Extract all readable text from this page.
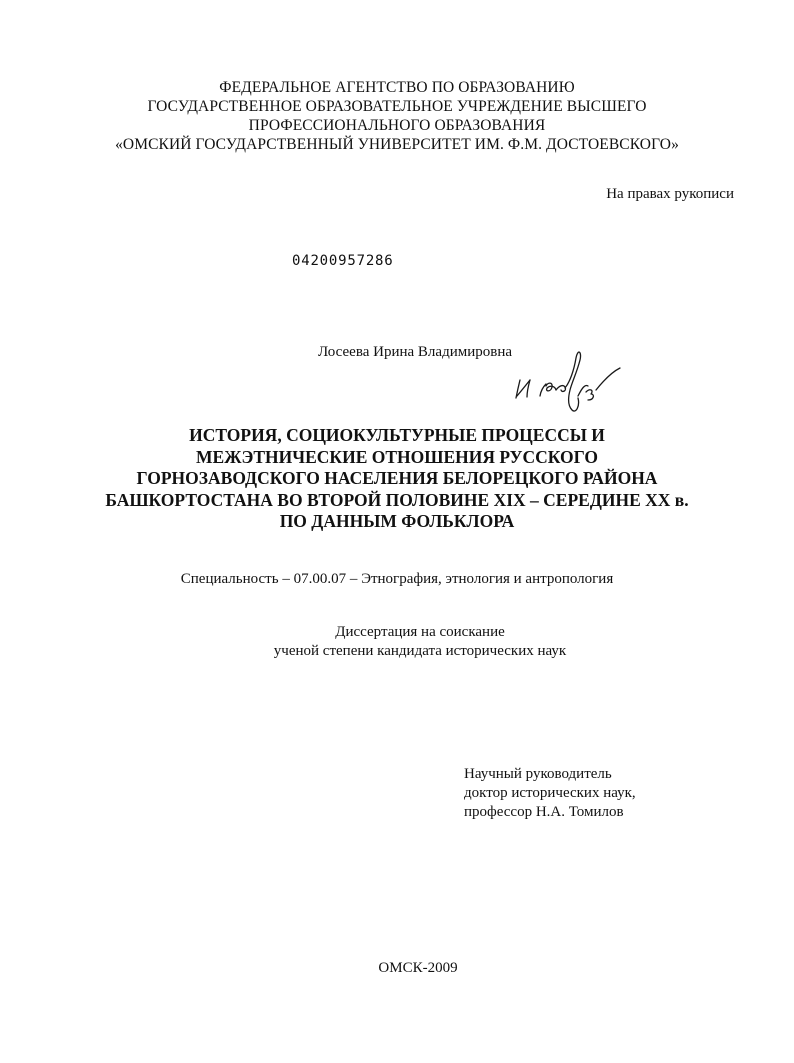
ФЕДЕРАЛЬНОЕ АГЕНТСТВО ПО ОБРАЗОВАНИЮ
ГОСУДАРСТВЕННОЕ ОБРАЗОВАТЕЛЬНОЕ УЧРЕЖДЕНИЕ ВЫСШЕГО
ПРОФЕССИОНАЛЬНОГО ОБРАЗОВАНИЯ
«ОМСКИЙ ГОСУДАРСТВЕННЫЙ УНИВЕРСИТЕТ ИМ. Ф.М. ДОСТОЕВСКОГО»
На правах рукописи
04200957286
Лосеева Ирина Владимировна
ИСТОРИЯ, СОЦИОКУЛЬТУРНЫЕ ПРОЦЕССЫ И
МЕЖЭТНИЧЕСКИЕ ОТНОШЕНИЯ РУССКОГО
ГОРНОЗАВОДСКОГО НАСЕЛЕНИЯ БЕЛОРЕЦКОГО РАЙОНА
БАШКОРТОСТАНА ВО ВТОРОЙ ПОЛОВИНЕ XIX – СЕРЕДИНЕ XX в.
ПО ДАННЫМ ФОЛЬКЛОРА
Специальность – 07.00.07 – Этнография, этнология и антропология
Диссертация на соискание
ученой степени кандидата исторических наук
Научный руководитель
доктор исторических наук,
профессор Н.А. Томилов
ОМСК-2009
